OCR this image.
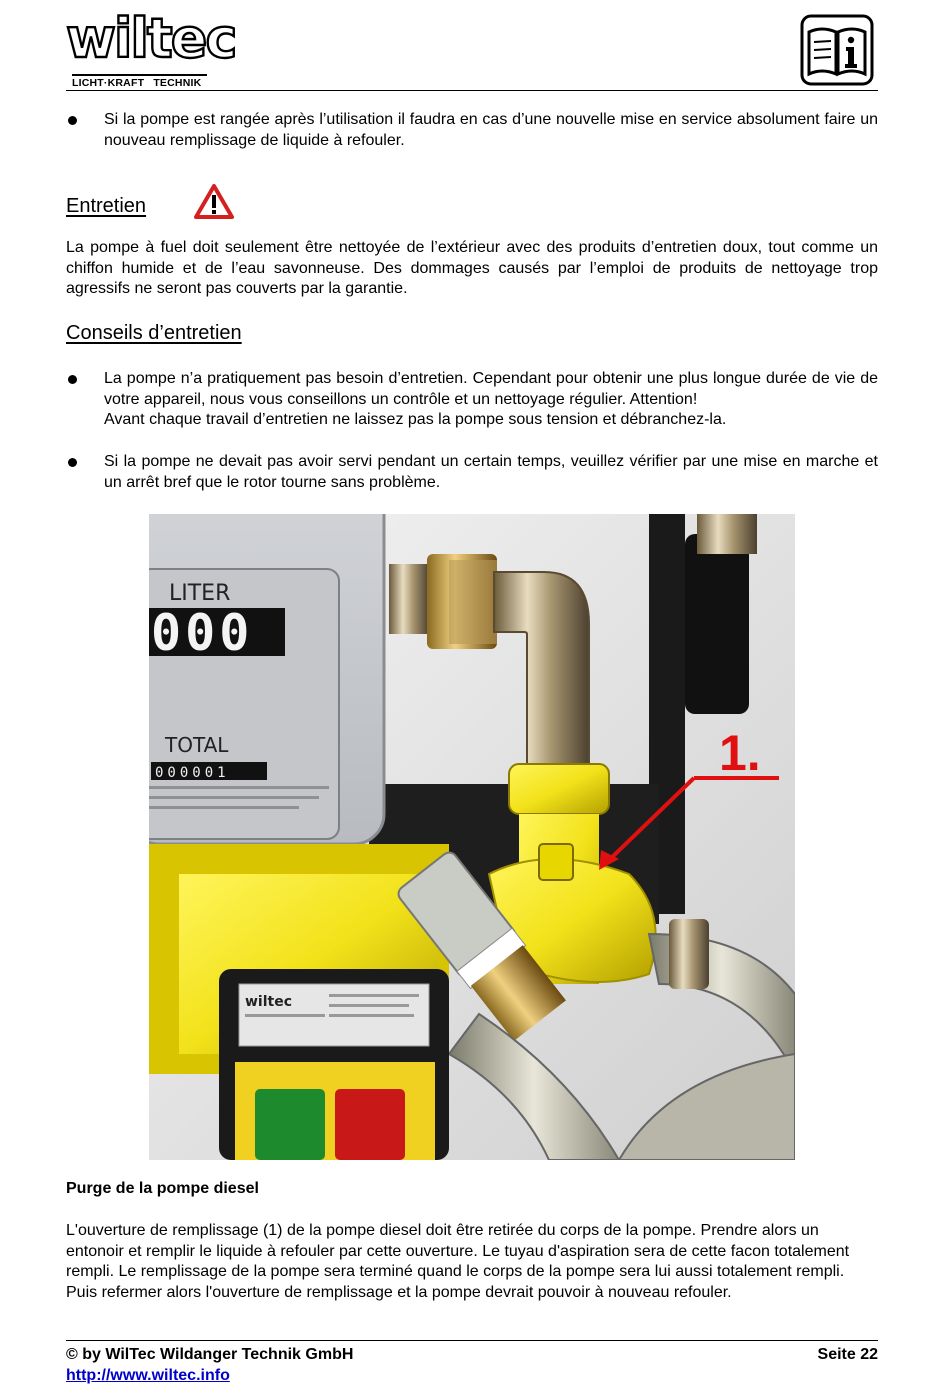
wiltec
LICHT·KRAFT TECHNIK
Si la pompe est rangée après l’utilisation il faudra en cas d’une nouvelle mise en service absolument faire un nouveau remplissage de liquide à refouler.
Entretien
La pompe à fuel doit seulement être nettoyée de l’extérieur avec des produits d’entretien doux, tout comme un chiffon humide et de l’eau savonneuse. Des dommages causés par l’emploi de produits de nettoyage trop agressifs ne seront pas couverts par la garantie.
Conseils d’entretien
La pompe n’a pratiquement pas besoin d’entretien. Cependant pour obtenir une plus longue durée de vie de votre appareil, nous vous conseillons un contrôle et un nettoyage régulier. Attention!
Avant chaque travail d’entretien ne laissez pas la pompe sous tension et débranchez-la.
Si la pompe ne devait pas avoir servi pendant un certain temps, veuillez vérifier par une mise en marche et un arrêt bref que le rotor tourne sans problème.
LITER
000
TOTAL
000001
wiltec
1.
Purge de la pompe diesel
L'ouverture de remplissage (1) de la pompe diesel doit être retirée du corps de la pompe. Prendre alors un entonoir et remplir le liquide à refouler par cette ouverture. Le tuyau d'aspiration sera de cette facon totalement rempli. Le remplissage de la pompe sera terminé quand le corps de la pompe sera lui aussi totalement rempli. Puis refermer alors l'ouverture de remplissage et la pompe devrait pouvoir à nouveau refouler.
© by WilTec Wildanger Technik GmbH
http://www.wiltec.info
Seite 22
